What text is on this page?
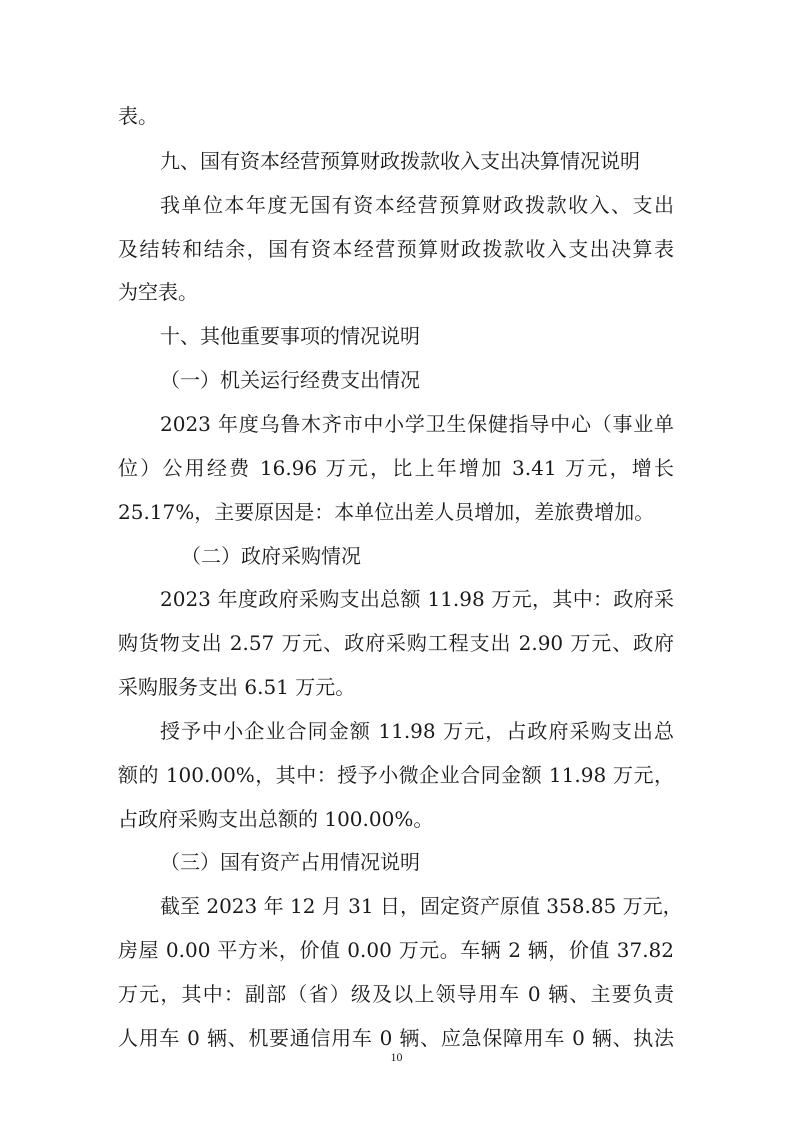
表。
九、国有资本经营预算财政拨款收入支出决算情况说明
我单位本年度无国有资本经营预算财政拨款收入、支出
及结转和结余，国有资本经营预算财政拨款收入支出决算表
为空表。
十、其他重要事项的情况说明
（一）机关运行经费支出情况
2023 年度乌鲁木齐市中小学卫生保健指导中心（事业单
位）公用经费 16.96 万元，比上年增加 3.41 万元，增长
25.17%，主要原因是：本单位出差人员增加，差旅费增加。
（二）政府采购情况
2023 年度政府采购支出总额 11.98 万元，其中：政府采
购货物支出 2.57 万元、政府采购工程支出 2.90 万元、政府
采购服务支出 6.51 万元。
授予中小企业合同金额 11.98 万元，占政府采购支出总
额的 100.00%，其中：授予小微企业合同金额 11.98 万元，
占政府采购支出总额的 100.00%。
（三）国有资产占用情况说明
截至 2023 年 12 月 31 日，固定资产原值 358.85 万元，
房屋 0.00 平方米，价值 0.00 万元。车辆 2 辆，价值 37.82
万元，其中：副部（省）级及以上领导用车 0 辆、主要负责
人用车 0 辆、机要通信用车 0 辆、应急保障用车 0 辆、执法
10
